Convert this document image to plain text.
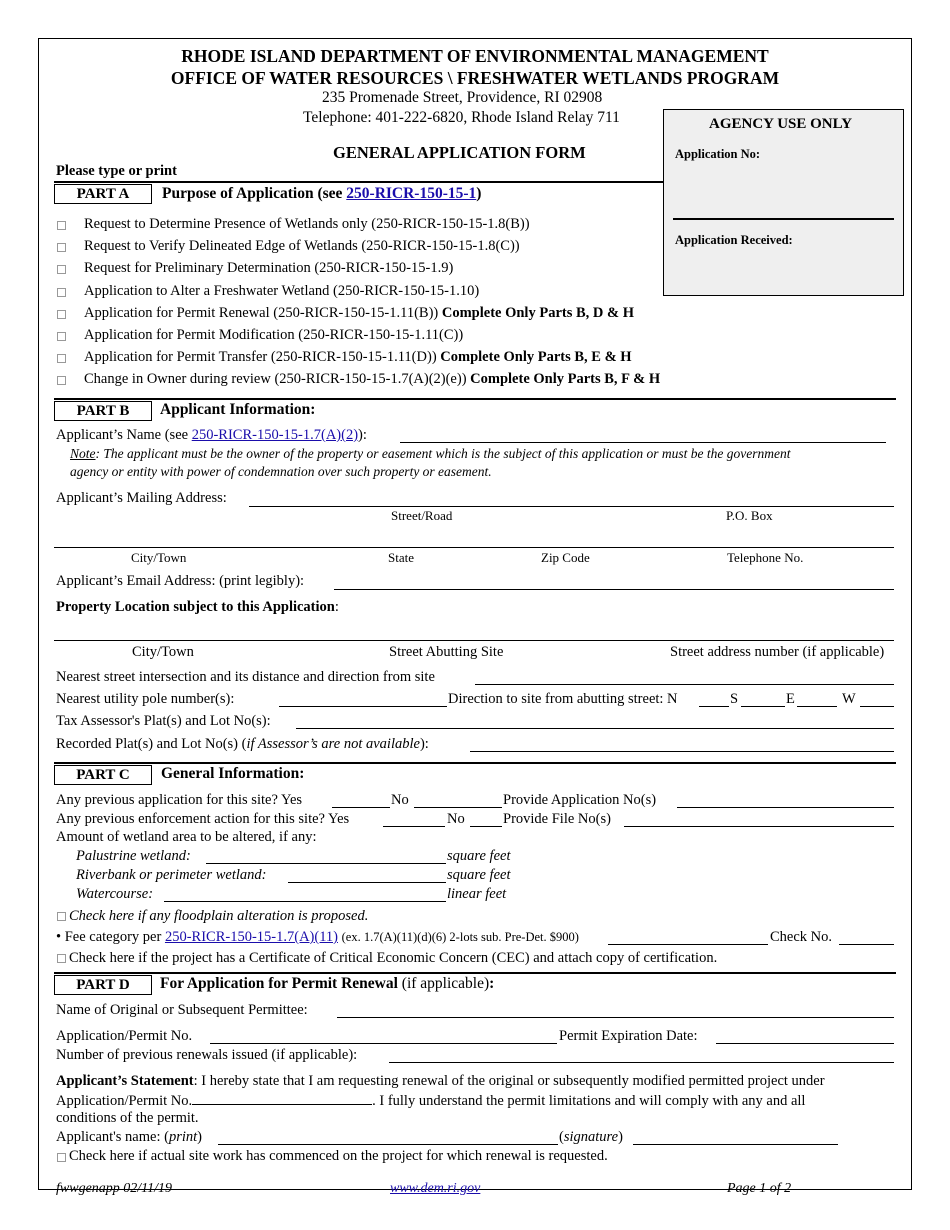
RHODE ISLAND DEPARTMENT OF ENVIRONMENTAL MANAGEMENT
OFFICE OF WATER RESOURCES \ FRESHWATER WETLANDS PROGRAM
235 Promenade Street, Providence, RI 02908
Telephone: 401-222-6820, Rhode Island Relay 711
GENERAL APPLICATION FORM
Please type or print
AGENCY USE ONLY
Application No:
Application Received:
PART A	Purpose of Application (see 250-RICR-150-15-1)
Request to Determine Presence of Wetlands only (250-RICR-150-15-1.8(B))
Request to Verify Delineated Edge of Wetlands (250-RICR-150-15-1.8(C))
Request for Preliminary Determination (250-RICR-150-15-1.9)
Application to Alter a Freshwater Wetland (250-RICR-150-15-1.10)
Application for Permit Renewal (250-RICR-150-15-1.11(B)) Complete Only Parts B, D & H
Application for Permit Modification (250-RICR-150-15-1.11(C))
Application for Permit Transfer (250-RICR-150-15-1.11(D)) Complete Only Parts B, E & H
Change in Owner during review (250-RICR-150-15-1.7(A)(2)(e)) Complete Only Parts B, F & H
PART B	Applicant Information:
Applicant’s Name (see 250-RICR-150-15-1.7(A)(2)):
Note: The applicant must be the owner of the property or easement which is the subject of this application or must be the government
agency or entity with power of condemnation over such property or easement.
Applicant’s Mailing Address:
Street/Road	P.O. Box
City/Town	State	Zip Code	Telephone No.
Applicant’s Email Address: (print legibly):
Property Location subject to this Application:
City/Town	Street Abutting Site	Street address number (if applicable)
Nearest street intersection and its distance and direction from site
Nearest utility pole number(s):	Direction to site from abutting street: N	S	E	W
Tax Assessor's Plat(s) and Lot No(s):
Recorded Plat(s) and Lot No(s) (if Assessor’s are not available):
PART C	General Information:
Any previous application for this site? Yes	No	Provide Application No(s)
Any previous enforcement action for this site? Yes	No	Provide File No(s)
Amount of wetland area to be altered, if any:
Palustrine wetland:	square feet
Riverbank or perimeter wetland:	square feet
Watercourse:	linear feet
Check here if any floodplain alteration is proposed.
• Fee category per 250-RICR-150-15-1.7(A)(11) (ex. 1.7(A)(11)(d)(6) 2-lots sub. Pre-Det. $900)	Check No.
Check here if the project has a Certificate of Critical Economic Concern (CEC) and attach copy of certification.
PART D	For Application for Permit Renewal (if applicable):
Name of Original or Subsequent Permittee:
Application/Permit No.	Permit Expiration Date:
Number of previous renewals issued (if applicable):
Applicant’s Statement: I hereby state that I am requesting renewal of the original or subsequently modified permitted project under
Application/Permit No.	. I fully understand the permit limitations and will comply with any and all
conditions of the permit.
Applicant's name: (print)	(signature)
Check here if actual site work has commenced on the project for which renewal is requested.
fwwgenapp 02/11/19	www.dem.ri.gov	Page 1 of 2
